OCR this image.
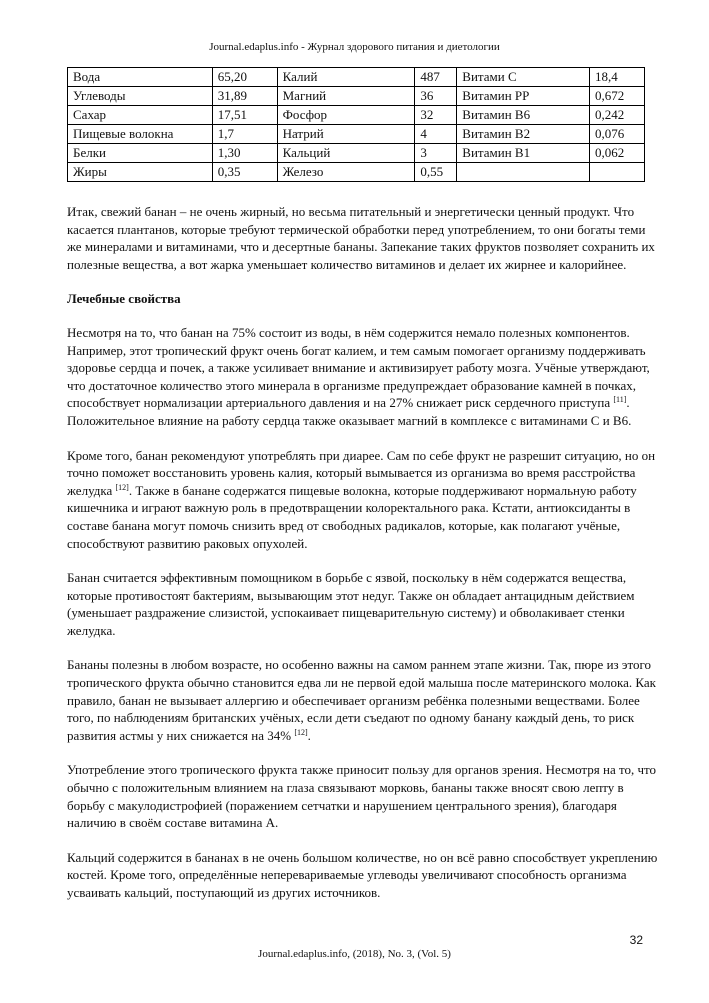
Journal.edaplus.info - Журнал здорового питания и диетологии
Вода	65,20	Калий	487	Витами С	18,4
Углеводы	31,89	Магний	36	Витамин PP	0,672
Сахар	17,51	Фосфор	32	Витамин В6	0,242
Пищевые волокна	1,7	Натрий	4	Витамин В2	0,076
Белки	1,30	Кальций	3	Витамин В1	0,062
Жиры	0,35	Железо	0,55		

Итак, свежий банан – не очень жирный, но весьма питательный и энергетически ценный продукт. Что касается плантанов, которые требуют термической обработки перед употреблением, то они богаты теми же минералами и витаминами, что и десертные бананы. Запекание таких фруктов позволяет сохранить их полезные вещества, а вот жарка уменьшает количество витаминов и делает их жирнее и калорийнее.

Лечебные свойства

Несмотря на то, что банан на 75% состоит из воды, в нём содержится немало полезных компонентов. Например, этот тропический фрукт очень богат калием, и тем самым помогает организму поддерживать здоровье сердца и почек, а также усиливает внимание и активизирует работу мозга. Учёные утверждают, что достаточное количество этого минерала в организме предупреждает образование камней в почках, способствует нормализации артериального давления и на 27% снижает риск сердечного приступа [11]. Положительное влияние на работу сердца также оказывает магний в комплексе с витаминами С и В6.

Кроме того, банан рекомендуют употреблять при диарее. Сам по себе фрукт не разрешит ситуацию, но он точно поможет восстановить уровень калия, который вымывается из организма во время расстройства желудка [12]. Также в банане содержатся пищевые волокна, которые поддерживают нормальную работу кишечника и играют важную роль в предотвращении колоректального рака. Кстати, антиоксиданты в составе банана могут помочь снизить вред от свободных радикалов, которые, как полагают учёные, способствуют развитию раковых опухолей.

Банан считается эффективным помощником в борьбе с язвой, поскольку в нём содержатся вещества, которые противостоят бактериям, вызывающим этот недуг. Также он обладает антацидным действием (уменьшает раздражение слизистой, успокаивает пищеварительную систему) и обволакивает стенки желудка.

Бананы полезны в любом возрасте, но особенно важны на самом раннем этапе жизни. Так, пюре из этого тропического фрукта обычно становится едва ли не первой едой малыша после материнского молока. Как правило, банан не вызывает аллергию и обеспечивает организм ребёнка полезными веществами. Более того, по наблюдениям британских учёных, если дети съедают по одному банану каждый день, то риск развития астмы у них снижается на 34% [12].

Употребление этого тропического фрукта также приносит пользу для органов зрения. Несмотря на то, что обычно с положительным влиянием на глаза связывают морковь, бананы также вносят свою лепту в борьбу с макулодистрофией (поражением сетчатки и нарушением центрального зрения), благодаря наличию в своём составе витамина А.

Кальций содержится в бананах в не очень большом количестве, но он всё равно способствует укреплению костей. Кроме того, определённые неперевариваемые углеводы увеличивают способность организма усваивать кальций, поступающий из других источников.

32
Journal.edaplus.info, (2018), No. 3, (Vol. 5)
